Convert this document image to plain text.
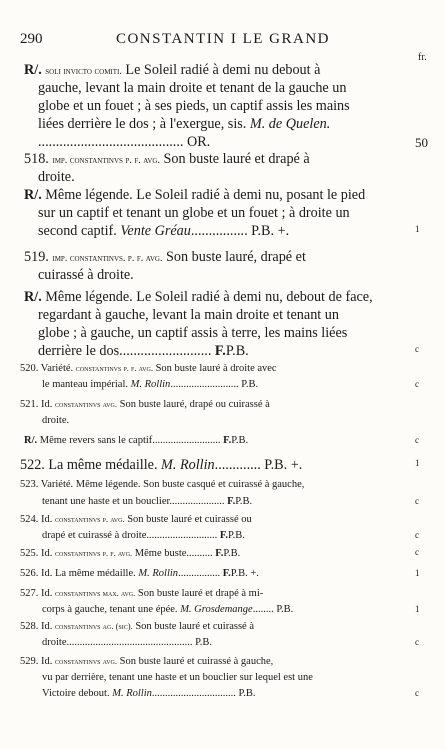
290	CONSTANTIN I LE GRAND
fr.
R/. soli invicto comiti. Le Soleil radié à demi nu debout à
gauche, levant la main droite et tenant de la gauche un
globe et un fouet ; à ses pieds, un captif assis les mains
liées derrière le dos ; à l'exergue, sis. M. de Quelen.
......................................... OR.	50
518. imp. constantinvs p. f. avg. Son buste lauré et drapé à
droite.
R/. Même légende. Le Soleil radié à demi nu, posant le pied
sur un captif et tenant un globe et un fouet ; à droite un
second captif. Vente Gréau................ P.B. +.	1
519. imp. constantinvs. p. f. avg. Son buste lauré, drapé et
cuirassé à droite.
R/. Même légende. Le Soleil radié à demi nu, debout de face,
regardant à gauche, levant la main droite et tenant un
globe ; à gauche, un captif assis à terre, les mains liées
derrière le dos.......................... F.P.B.	c
520. Variété. constantinvs p. f. avg. Son buste lauré à droite avec
le manteau impérial. M. Rollin.......................... P.B.	c
521. Id. constantinvs avg. Son buste lauré, drapé ou cuirassé à
droite.
R/. Même revers sans le captif.......................... F.P.B.	c
522. La même médaille. M. Rollin............. P.B. +.	1
523. Variété. Même légende. Son buste casqué et cuirassé à gauche,
tenant une haste et un bouclier..................... F.P.B.	c
524. Id. constantinvs p. avg. Son buste lauré et cuirassé ou
drapé et cuirassé à droite........................... F.P.B.	c
525. Id. constantinvs p. f. avg. Même buste.......... F.P.B.	c
526. Id. La même médaille. M. Rollin................ F.P.B. +.	1
527. Id. constantinvs max. avg. Son buste lauré et drapé à mi-
corps à gauche, tenant une épée. M. Grosdemange........ P.B.	1
528. Id. constantinvs ag. (sic). Son buste lauré et cuirassé à
droite................................................ P.B.	c
529. Id. constantinvs avg. Son buste lauré et cuirassé à gauche,
vu par derrière, tenant une haste et un bouclier sur lequel est une
Victoire debout. M. Rollin................................ P.B.	c
